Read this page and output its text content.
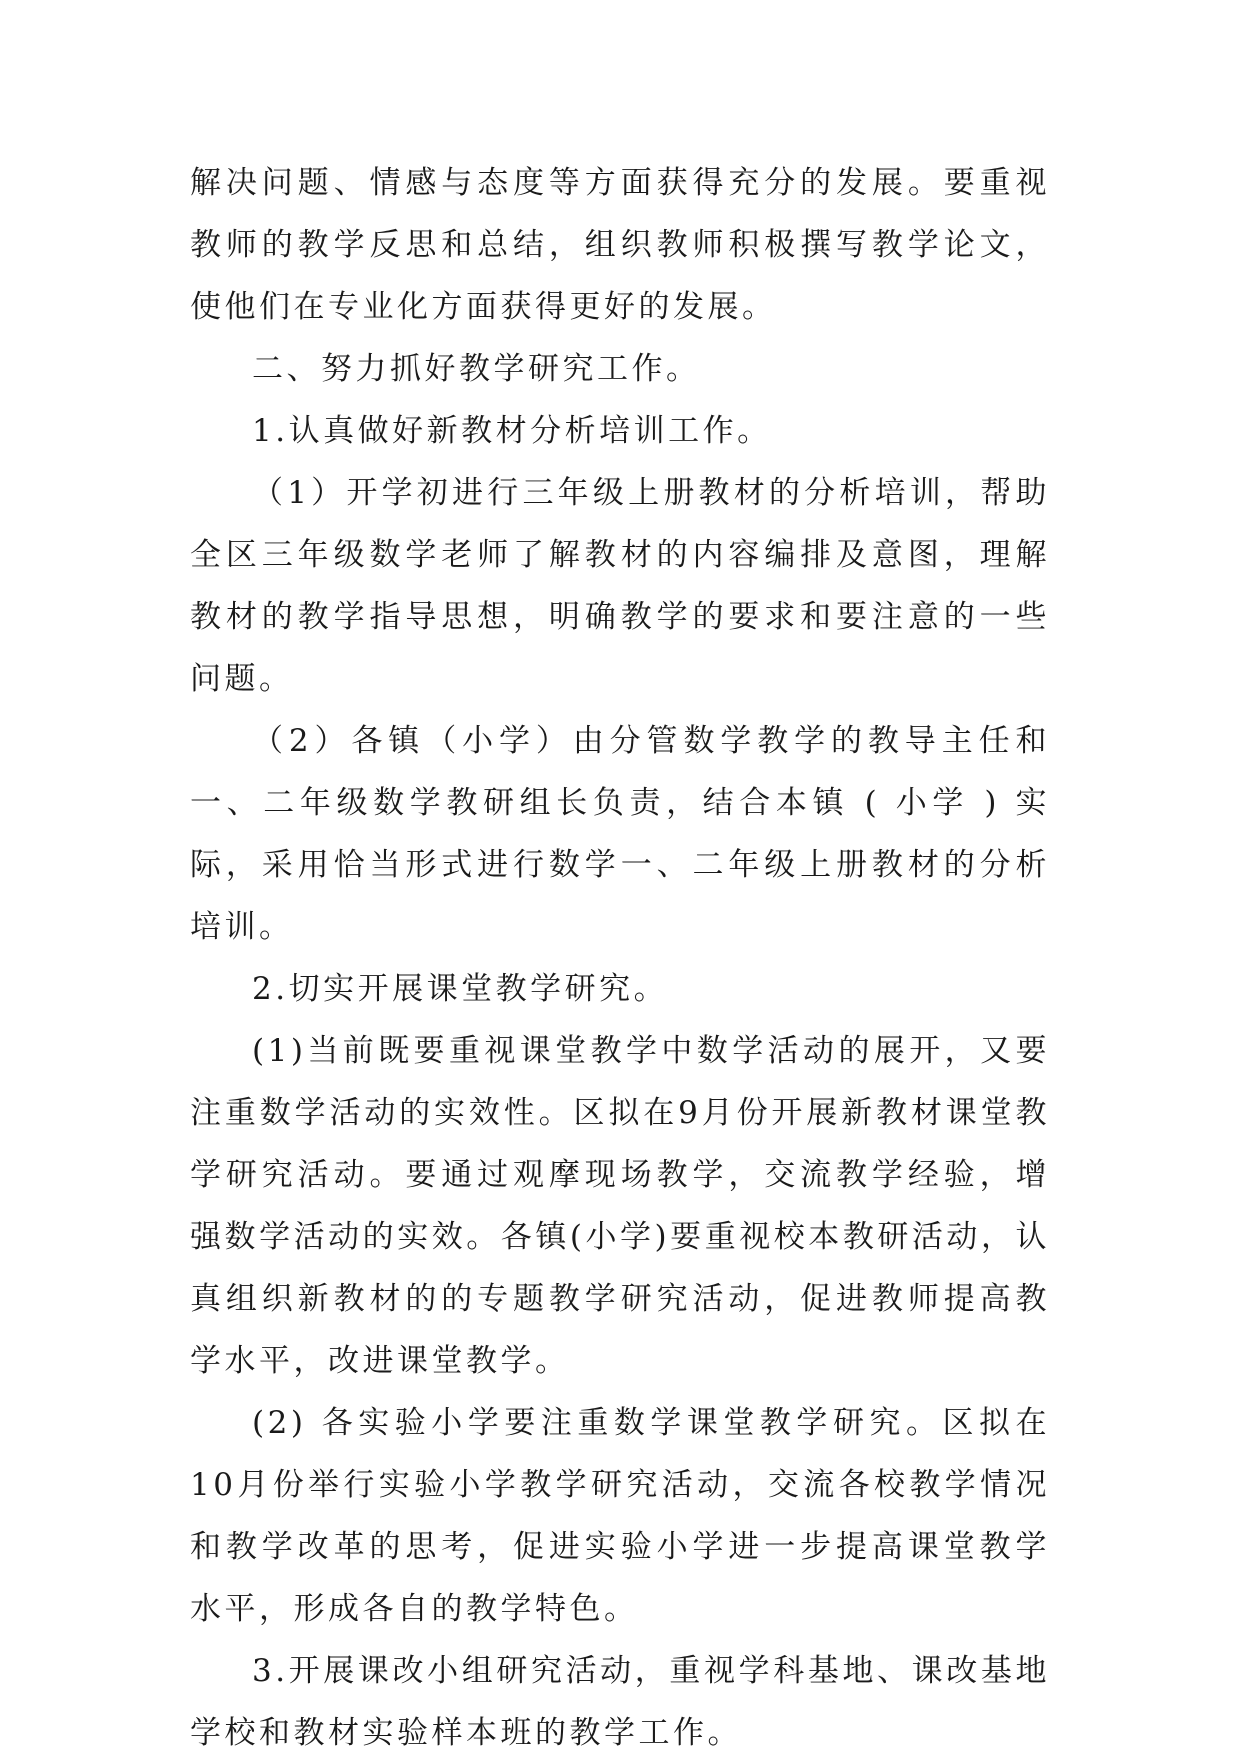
解决问题、情感与态度等方面获得充分的发展。要重视教师的教学反思和总结，组织教师积极撰写教学论文，使他们在专业化方面获得更好的发展。

二、努力抓好教学研究工作。

1.认真做好新教材分析培训工作。

（1）开学初进行三年级上册教材的分析培训，帮助全区三年级数学老师了解教材的内容编排及意图，理解教材的教学指导思想，明确教学的要求和要注意的一些问题。

（2）各镇（小学）由分管数学教学的教导主任和一、二年级数学教研组长负责，结合本镇 ( 小学 ) 实际，采用恰当形式进行数学一、二年级上册教材的分析培训。

2.切实开展课堂教学研究。

(1)当前既要重视课堂教学中数学活动的展开，又要注重数学活动的实效性。区拟在9月份开展新教材课堂教学研究活动。要通过观摩现场教学，交流教学经验，增强数学活动的实效。各镇(小学)要重视校本教研活动，认真组织新教材的的专题教学研究活动，促进教师提高教学水平，改进课堂教学。

(2) 各实验小学要注重数学课堂教学研究。区拟在10月份举行实验小学教学研究活动，交流各校教学情况和教学改革的思考，促进实验小学进一步提高课堂教学水平，形成各自的教学特色。

3.开展课改小组研究活动，重视学科基地、课改基地学校和教材实验样本班的教学工作。
